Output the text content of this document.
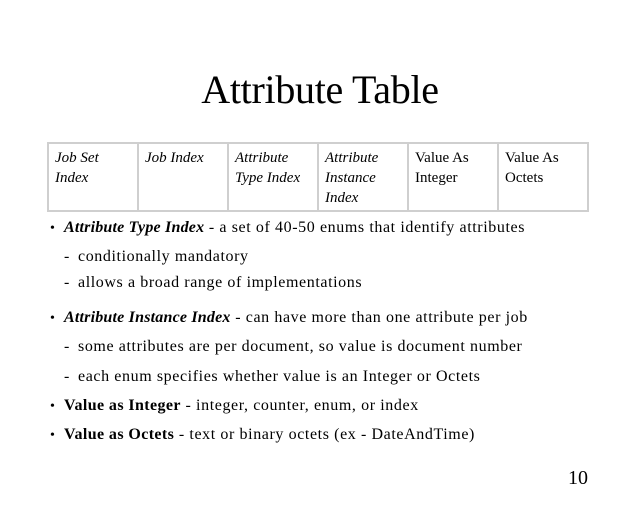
Attribute Table
Job Set Index	Job Index	Attribute Type Index	Attribute Instance Index	Value As Integer	Value As Octets
• Attribute Type Index - a set of 40-50 enums that identify attributes
- conditionally mandatory
- allows a broad range of implementations
• Attribute Instance Index - can have more than one attribute per job
- some attributes are per document, so value is document number
- each enum specifies whether value is an Integer or Octets
• Value as Integer - integer, counter, enum, or index
• Value as Octets - text or binary octets (ex - DateAndTime)
10
